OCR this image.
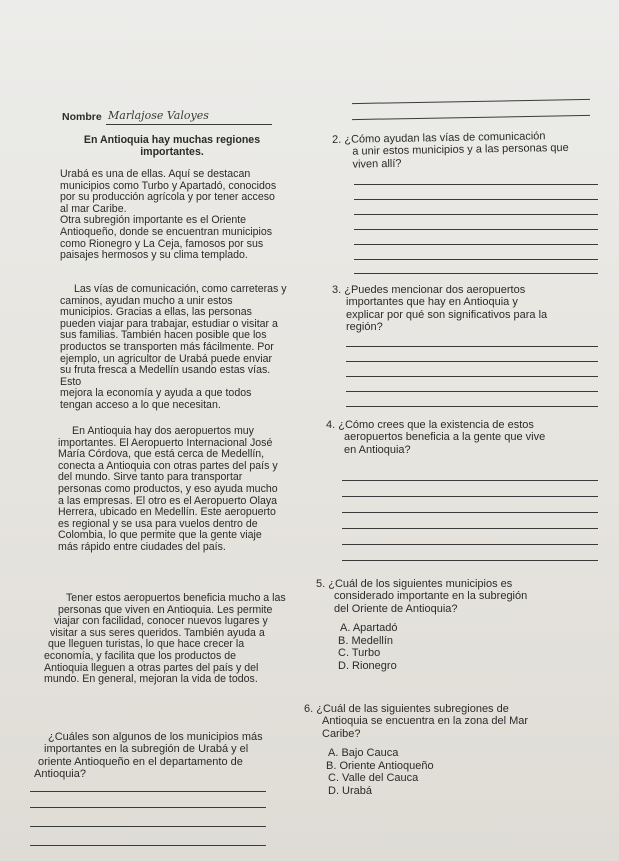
Nombre Marlajose Valoyes
En Antioquia hay muchas regiones
importantes.

Urabá es una de ellas. Aquí se destacan

municipios como Turbo y Apartadó, conocidos

por su producción agrícola y por tener acceso

al mar Caribe.

Otra subregión importante es el Oriente

Antioqueño, donde se encuentran municipios

como Rionegro y La Ceja, famosos por sus

paisajes hermosos y su clima templado.

Las vías de comunicación, como carreteras y

caminos, ayudan mucho a unir estos

municipios. Gracias a ellas, las personas

pueden viajar para trabajar, estudiar o visitar a

sus familias. También hacen posible que los

productos se transporten más fácilmente. Por

ejemplo, un agricultor de Urabá puede enviar

su fruta fresca a Medellín usando estas vías. Esto

mejora la economía y ayuda a que todos

tengan acceso a lo que necesitan.

En Antioquia hay dos aeropuertos muy

importantes. El Aeropuerto Internacional José

María Córdova, que está cerca de Medellín,

conecta a Antioquia con otras partes del país y

del mundo. Sirve tanto para transportar

personas como productos, y eso ayuda mucho

a las empresas. El otro es el Aeropuerto Olaya

Herrera, ubicado en Medellín. Este aeropuerto

es regional y se usa para vuelos dentro de

Colombia, lo que permite que la gente viaje

más rápido entre ciudades del país.

Tener estos aeropuertos beneficia mucho a las

personas que viven en Antioquia. Les permite

viajar con facilidad, conocer nuevos lugares y

visitar a sus seres queridos. También ayuda a

que lleguen turistas, lo que hace crecer la

economía, y facilita que los productos de

Antioquia lleguen a otras partes del país y del

mundo. En general, mejoran la vida de todos.

¿Cuáles son algunos de los municipios más
importantes en la subregión de Urabá y el
oriente Antioqueño en el departamento de
Antioquia?
2. ¿Cómo ayudan las vías de comunicación
a unir estos municipios y a las personas que
viven allí?
3. ¿Puedes mencionar dos aeropuertos
importantes que hay en Antioquia y
explicar por qué son significativos para la
región?
4. ¿Cómo crees que la existencia de estos
aeropuertos beneficia a la gente que vive
en Antioquia?
5. ¿Cuál de los siguientes municipios es
considerado importante en la subregión
del Oriente de Antioquia?
A. Apartadó
B. Medellín
C. Turbo
D. Rionegro
6. ¿Cuál de las siguientes subregiones de
Antioquia se encuentra en la zona del Mar
Caribe?
A. Bajo Cauca
B. Oriente Antioqueño
C. Valle del Cauca
D. Urabá
